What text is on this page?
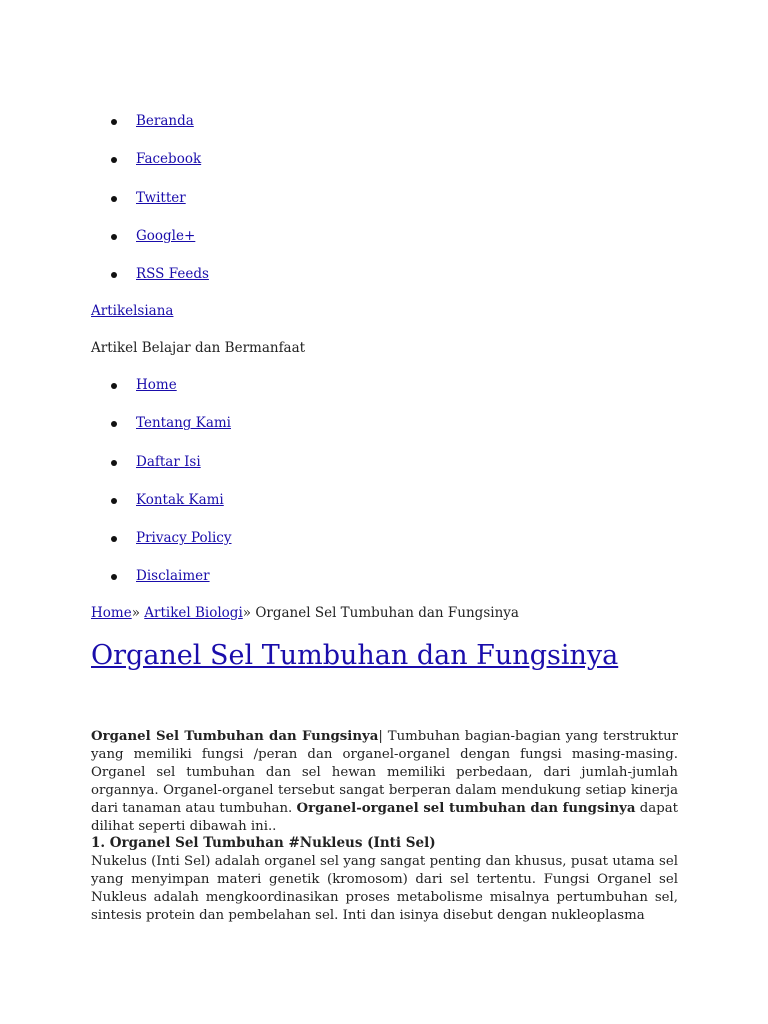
Beranda
Facebook
Twitter
Google+
RSS Feeds
Artikelsiana
Artikel Belajar dan Bermanfaat
Home
Tentang Kami
Daftar Isi
Kontak Kami
Privacy Policy
Disclaimer
Home» Artikel Biologi» Organel Sel Tumbuhan dan Fungsinya
Organel Sel Tumbuhan dan Fungsinya

Organel Sel Tumbuhan dan Fungsinya| Tumbuhan bagian-bagian yang terstruktur yang memiliki fungsi /peran dan organel-organel dengan fungsi masing-masing. Organel sel tumbuhan dan sel hewan memiliki perbedaan, dari jumlah-jumlah organnya. Organel-organel tersebut sangat berperan dalam mendukung setiap kinerja dari tanaman atau tumbuhan. Organel-organel sel tumbuhan dan fungsinya dapat dilihat seperti dibawah ini..

1. Organel Sel Tumbuhan #Nukleus (Inti Sel)

Nukelus (Inti Sel) adalah organel sel yang sangat penting dan khusus, pusat utama sel yang menyimpan materi genetik (kromosom) dari sel tertentu. Fungsi Organel sel Nukleus adalah mengkoordinasikan proses metabolisme misalnya pertumbuhan sel, sintesis protein dan pembelahan sel. Inti dan isinya disebut dengan nukleoplasma
